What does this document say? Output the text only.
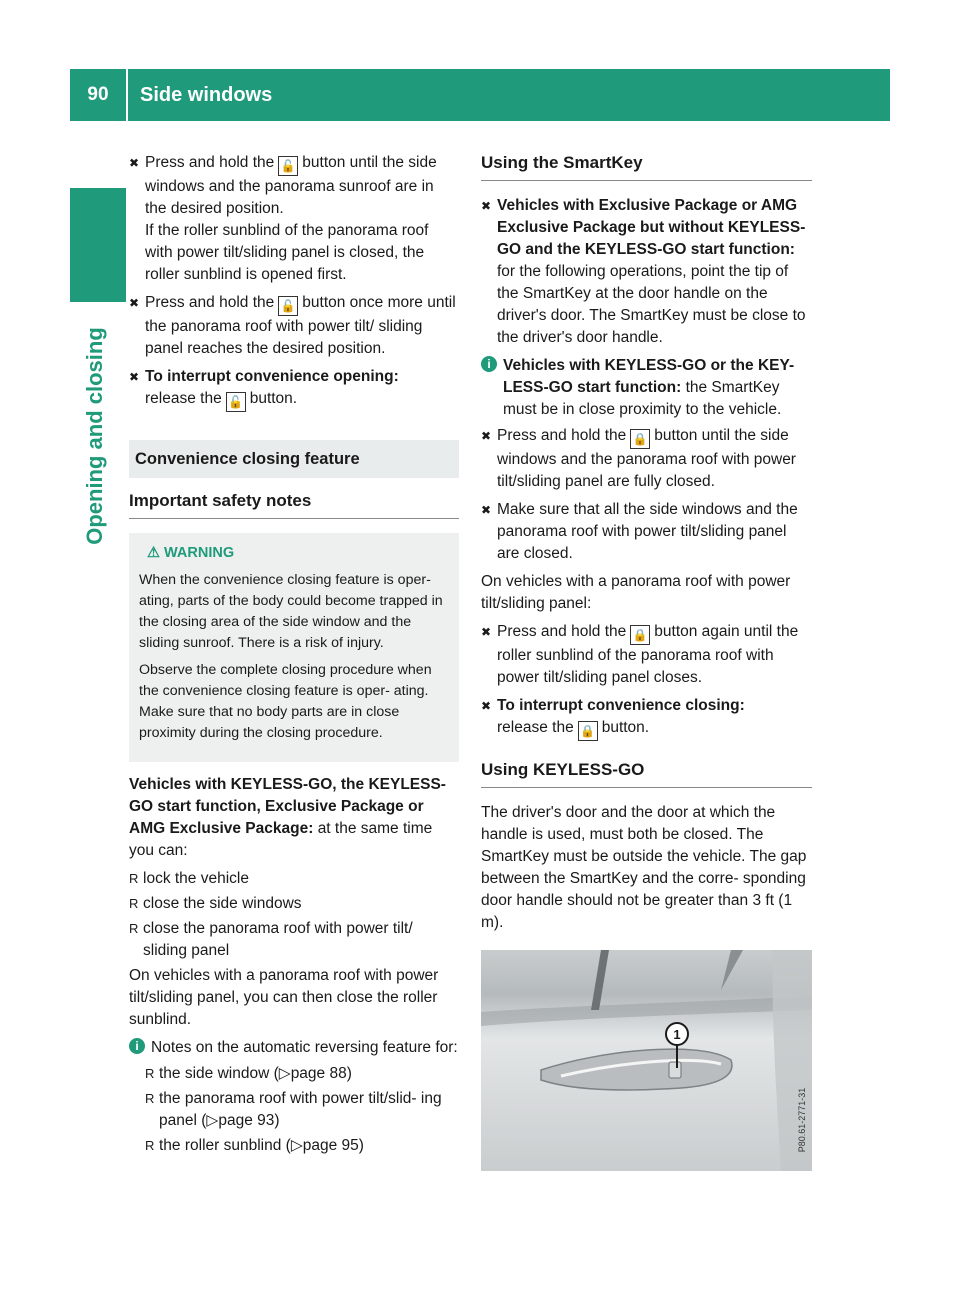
90	Side windows
Opening and closing
✖ Press and hold the 🔓 button until the side windows and the panorama sunroof are in the desired position.
If the roller sunblind of the panorama roof with power tilt/sliding panel is closed, the roller sunblind is opened first.
✖ Press and hold the 🔓 button once more until the panorama roof with power tilt/ sliding panel reaches the desired position.
✖ To interrupt convenience opening:
release the 🔓 button.
Convenience closing feature
Important safety notes
⚠ WARNING
When the convenience closing feature is oper- ating, parts of the body could become trapped in the closing area of the side window and the sliding sunroof. There is a risk of injury.
Observe the complete closing procedure when the convenience closing feature is oper- ating. Make sure that no body parts are in close proximity during the closing procedure.
Vehicles with KEYLESS-GO, the KEYLESS- GO start function, Exclusive Package or AMG Exclusive Package: at the same time you can:
R lock the vehicle
R close the side windows
R close the panorama roof with power tilt/ sliding panel
On vehicles with a panorama roof with power tilt/sliding panel, you can then close the roller sunblind.
i Notes on the automatic reversing feature for:
R the side window (▷page 88)
R the panorama roof with power tilt/slid- ing panel (▷page 93)
R the roller sunblind (▷page 95)
Using the SmartKey
✖ Vehicles with Exclusive Package or AMG Exclusive Package but without KEYLESS-GO and the KEYLESS-GO start function: for the following operations, point the tip of the SmartKey at the door handle on the driver's door. The SmartKey must be close to the driver's door handle.
i Vehicles with KEYLESS-GO or the KEY- LESS-GO start function: the SmartKey must be in close proximity to the vehicle.
✖ Press and hold the 🔒 button until the side windows and the panorama roof with power tilt/sliding panel are fully closed.
✖ Make sure that all the side windows and the panorama roof with power tilt/sliding panel are closed.
On vehicles with a panorama roof with power tilt/sliding panel:
✖ Press and hold the 🔒 button again until the roller sunblind of the panorama roof with power tilt/sliding panel closes.
✖ To interrupt convenience closing:
release the 🔒 button.
Using KEYLESS-GO
The driver's door and the door at which the handle is used, must both be closed. The SmartKey must be outside the vehicle. The gap between the SmartKey and the corre- sponding door handle should not be greater than 3 ft (1 m).
1
P80.61-2771-31
